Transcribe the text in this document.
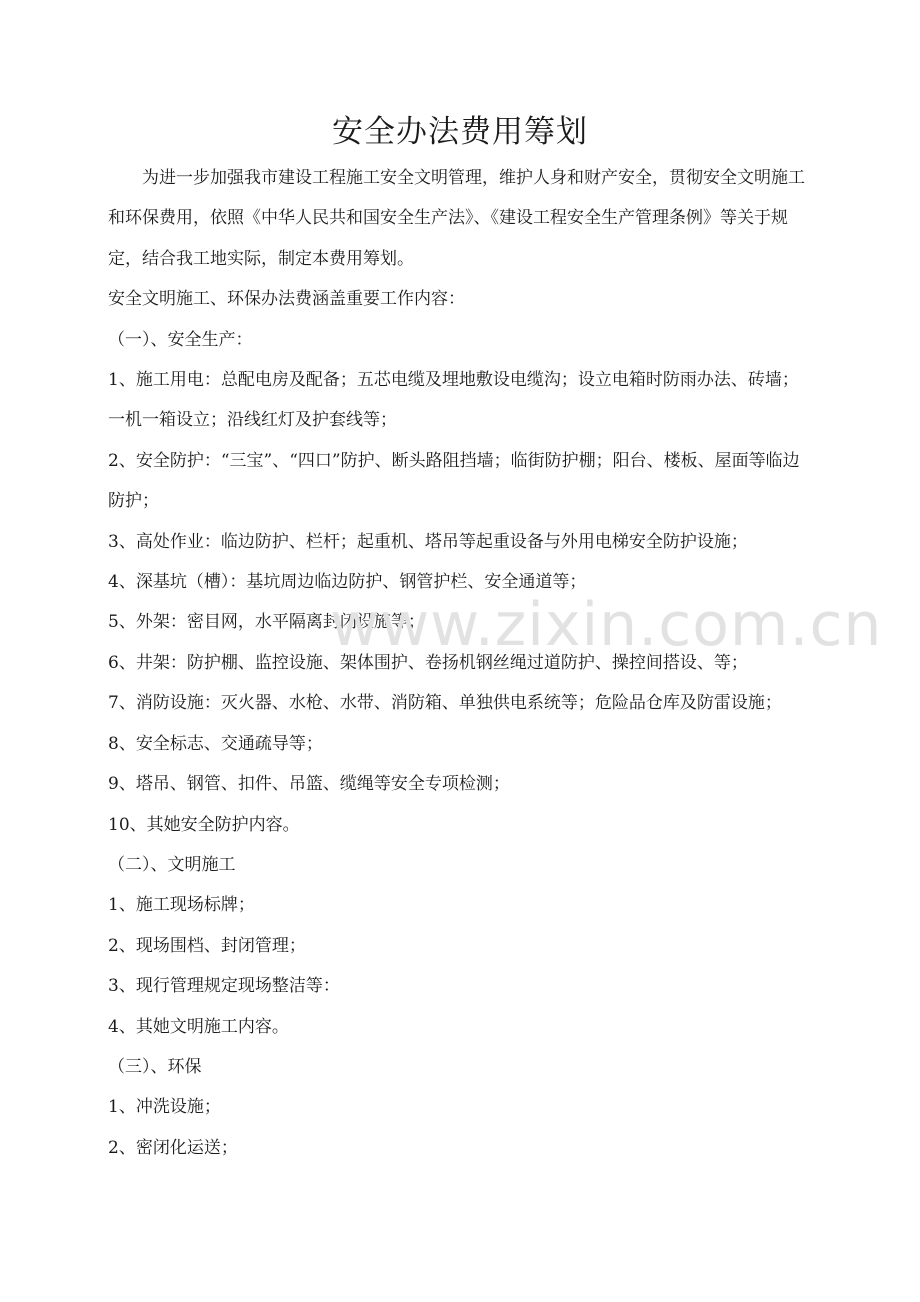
安全办法费用筹划

为进一步加强我市建设工程施工安全文明管理，维护人身和财产安全，贯彻安全文明施工和环保费用，依照《中华人民共和国安全生产法》、《建设工程安全生产管理条例》等关于规定，结合我工地实际，制定本费用筹划。

安全文明施工、环保办法费涵盖重要工作内容：

（一）、安全生产：

1、施工用电：总配电房及配备；五芯电缆及埋地敷设电缆沟；设立电箱时防雨办法、砖墙；一机一箱设立；沿线红灯及护套线等；

2、安全防护：“三宝”、“四口”防护、断头路阻挡墙；临街防护棚；阳台、楼板、屋面等临边防护；

3、高处作业：临边防护、栏杆；起重机、塔吊等起重设备与外用电梯安全防护设施；

4、深基坑（槽）：基坑周边临边防护、钢管护栏、安全通道等；

5、外架：密目网，水平隔离封闭设施等；

6、井架：防护棚、监控设施、架体围护、卷扬机钢丝绳过道防护、操控间搭设、等；

7、消防设施：灭火器、水枪、水带、消防箱、单独供电系统等；危险品仓库及防雷设施；

8、安全标志、交通疏导等；

9、塔吊、钢管、扣件、吊篮、缆绳等安全专项检测；

10、其她安全防护内容。

（二）、文明施工

1、施工现场标牌；

2、现场围档、封闭管理；

3、现行管理规定现场整洁等：

4、其她文明施工内容。

（三）、环保

1、冲洗设施；

2、密闭化运送；

www.zixin.com.cn
